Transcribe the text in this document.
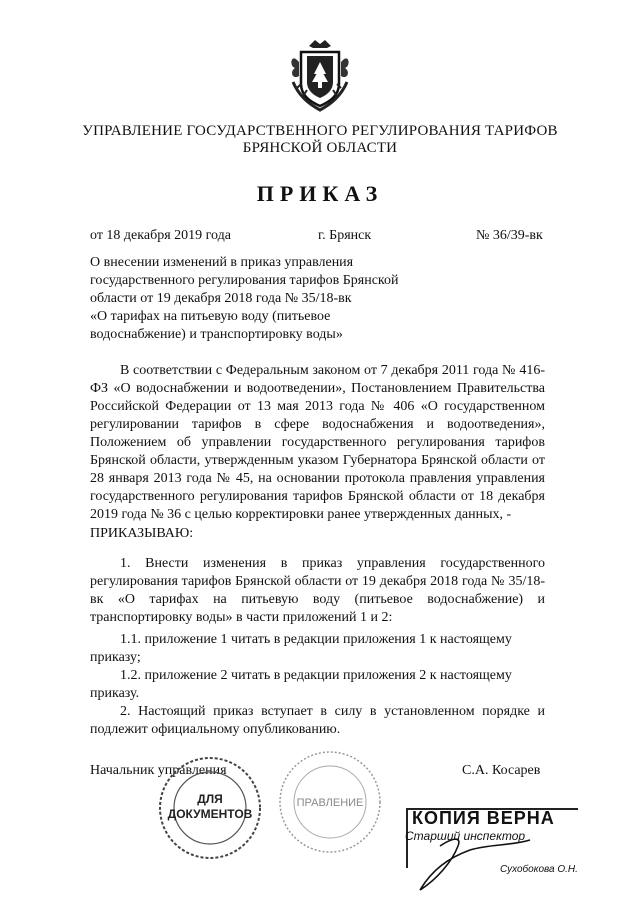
УПРАВЛЕНИЕ ГОСУДАРСТВЕННОГО РЕГУЛИРОВАНИЯ ТАРИФОВ
БРЯНСКОЙ ОБЛАСТИ
ПРИКАЗ
от 18 декабря 2019 года	г. Брянск	№ 36/39-вк
О внесении изменений в приказ управления
государственного регулирования тарифов Брянской
области от 19 декабря 2018 года № 35/18-вк
«О тарифах на питьевую воду (питьевое
водоснабжение) и транспортировку воды»
В соответствии с Федеральным законом от 7 декабря 2011 года № 416-ФЗ «О водоснабжении и водоотведении», Постановлением Правительства Российской Федерации от 13 мая 2013 года № 406 «О государственном регулировании тарифов в сфере водоснабжения и водоотведения», Положением об управлении государственного регулирования тарифов Брянской области, утвержденным указом Губернатора Брянской области от 28 января 2013 года № 45, на основании протокола правления управления государственного регулирования тарифов Брянской области от 18 декабря 2019 года № 36 с целью корректировки ранее утвержденных данных, -
ПРИКАЗЫВАЮ:
1. Внести изменения в приказ управления государственного регулирования тарифов Брянской области от 19 декабря 2018 года № 35/18-вк «О тарифах на питьевую воду (питьевое водоснабжение) и транспортировку воды» в части приложений 1 и 2:
1.1. приложение 1 читать в редакции приложения 1 к настоящему приказу;
1.2. приложение 2 читать в редакции приложения 2 к настоящему приказу.
2. Настоящий приказ вступает в силу в установленном порядке и подлежит официальному опубликованию.
Начальник управления	С.А. Косарев
ДЛЯ
ДОКУМЕНТОВ
ПРАВЛЕНИЕ
КОПИЯ ВЕРНА
Старший инспектор
Сухобокова О.Н.
